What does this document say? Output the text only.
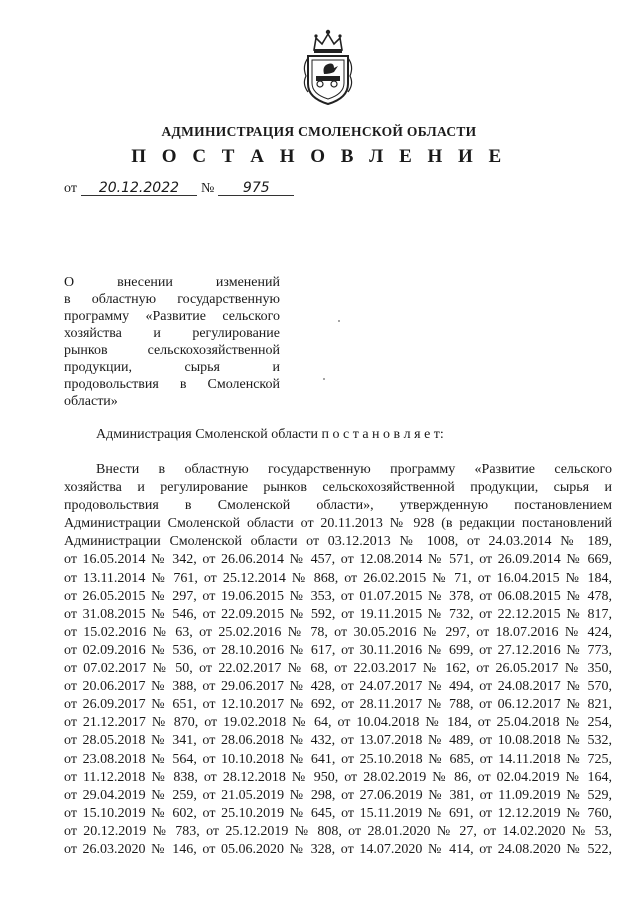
АДМИНИСТРАЦИЯ СМОЛЕНСКОЙ ОБЛАСТИ
П О С Т А Н О В Л Е Н И Е
от	20.12.2022	№	975
О внесении изменений
в областную государственную
программу «Развитие сельского
хозяйства и регулирование
рынков сельскохозяйственной
продукции, сырья и
продовольствия в Смоленской
области»
Администрация Смоленской области п о с т а н о в л я е т:
Внести в областную государственную программу «Развитие сельского
хозяйства и регулирование рынков сельскохозяйственной продукции, сырья и
продовольствия в Смоленской области», утвержденную постановлением
Администрации Смоленской области от 20.11.2013 № 928 (в редакции постановлений
Администрации Смоленской области от 03.12.2013 № 1008, от 24.03.2014 № 189,
от 16.05.2014 № 342, от 26.06.2014 № 457, от 12.08.2014 № 571, от 26.09.2014 № 669,
от 13.11.2014 № 761, от 25.12.2014 № 868, от 26.02.2015 № 71, от 16.04.2015 № 184,
от 26.05.2015 № 297, от 19.06.2015 № 353, от 01.07.2015 № 378, от 06.08.2015 № 478,
от 31.08.2015 № 546, от 22.09.2015 № 592, от 19.11.2015 № 732, от 22.12.2015 № 817,
от 15.02.2016 № 63, от 25.02.2016 № 78, от 30.05.2016 № 297, от 18.07.2016 № 424,
от 02.09.2016 № 536, от 28.10.2016 № 617, от 30.11.2016 № 699, от 27.12.2016 № 773,
от 07.02.2017 № 50, от 22.02.2017 № 68, от 22.03.2017 № 162, от 26.05.2017 № 350,
от 20.06.2017 № 388, от 29.06.2017 № 428, от 24.07.2017 № 494, от 24.08.2017 № 570,
от 26.09.2017 № 651, от 12.10.2017 № 692, от 28.11.2017 № 788, от 06.12.2017 № 821,
от 21.12.2017 № 870, от 19.02.2018 № 64, от 10.04.2018 № 184, от 25.04.2018 № 254,
от 28.05.2018 № 341, от 28.06.2018 № 432, от 13.07.2018 № 489, от 10.08.2018 № 532,
от 23.08.2018 № 564, от 10.10.2018 № 641, от 25.10.2018 № 685, от 14.11.2018 № 725,
от 11.12.2018 № 838, от 28.12.2018 № 950, от 28.02.2019 № 86, от 02.04.2019 № 164,
от 29.04.2019 № 259, от 21.05.2019 № 298, от 27.06.2019 № 381, от 11.09.2019 № 529,
от 15.10.2019 № 602, от 25.10.2019 № 645, от 15.11.2019 № 691, от 12.12.2019 № 760,
от 20.12.2019 № 783, от 25.12.2019 № 808, от 28.01.2020 № 27, от 14.02.2020 № 53,
от 26.03.2020 № 146, от 05.06.2020 № 328, от 14.07.2020 № 414, от 24.08.2020 № 522,
